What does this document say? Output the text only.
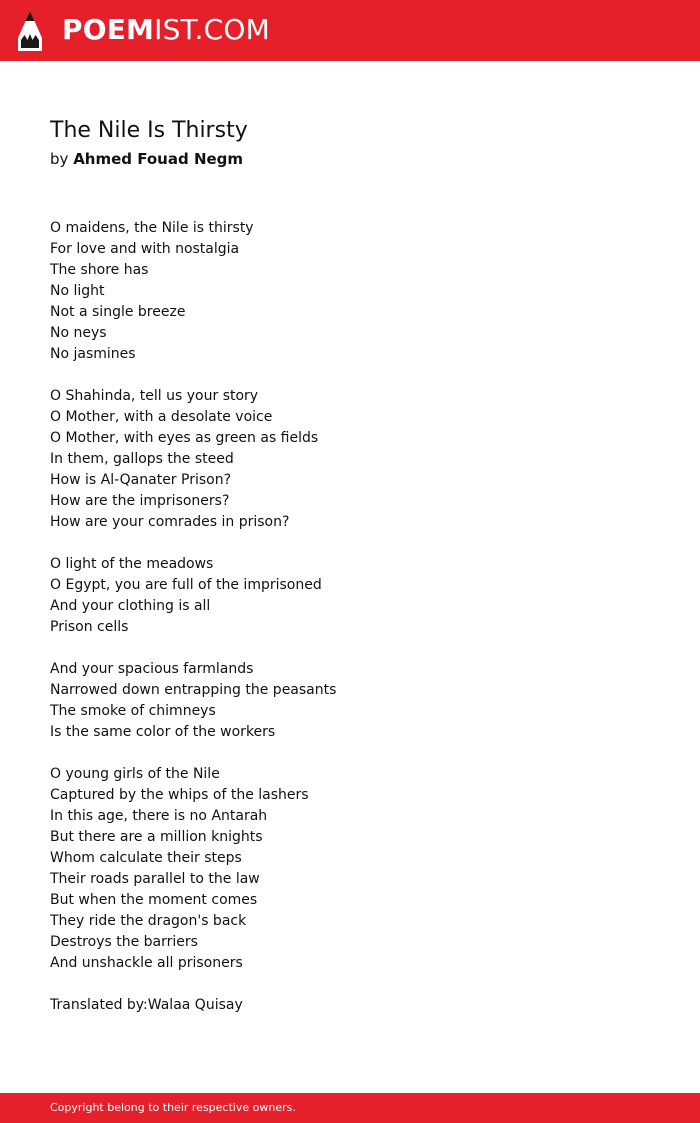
POEMIST.COM
The Nile Is Thirsty
by Ahmed Fouad Negm
O maidens, the Nile is thirsty
For love and with nostalgia
The shore has
No light
Not a single breeze
No neys
No jasmines
O Shahinda, tell us your story
O Mother, with a desolate voice
O Mother, with eyes as green as fields
In them, gallops the steed
How is Al-Qanater Prison?
How are the imprisoners?
How are your comrades in prison?
O light of the meadows
O Egypt, you are full of the imprisoned
And your clothing is all
Prison cells
And your spacious farmlands
Narrowed down entrapping the peasants
The smoke of chimneys
Is the same color of the workers
O young girls of the Nile
Captured by the whips of the lashers
In this age, there is no Antarah
But there are a million knights
Whom calculate their steps
Their roads parallel to the law
But when the moment comes
They ride the dragon's back
Destroys the barriers
And unshackle all prisoners
Translated by:Walaa Quisay
Copyright belong to their respective owners.
